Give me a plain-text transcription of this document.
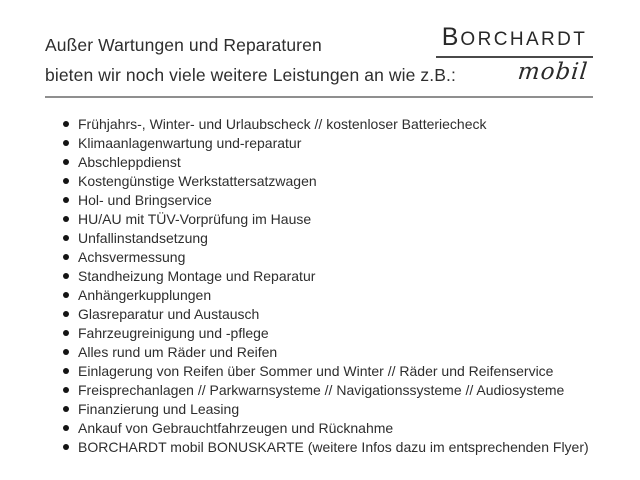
Außer Wartungen und Reparaturen
bieten wir noch viele weitere Leistungen an wie z.B.:
BORCHARDT
mobil
Frühjahrs-, Winter- und Urlaubscheck // kostenloser Batteriecheck
Klimaanlagenwartung und-reparatur
Abschleppdienst
Kostengünstige Werkstattersatzwagen
Hol- und Bringservice
HU/AU mit TÜV-Vorprüfung im Hause
Unfallinstandsetzung
Achsvermessung
Standheizung Montage und Reparatur
Anhängerkupplungen
Glasreparatur und Austausch
Fahrzeugreinigung und -pflege
Alles rund um Räder und Reifen
Einlagerung von Reifen über Sommer und Winter // Räder und Reifenservice
Freisprechanlagen // Parkwarnsysteme // Navigationssysteme // Audiosysteme
Finanzierung und Leasing
Ankauf von Gebrauchtfahrzeugen und Rücknahme
BORCHARDT mobil BONUSKARTE (weitere Infos dazu im entsprechenden Flyer)
